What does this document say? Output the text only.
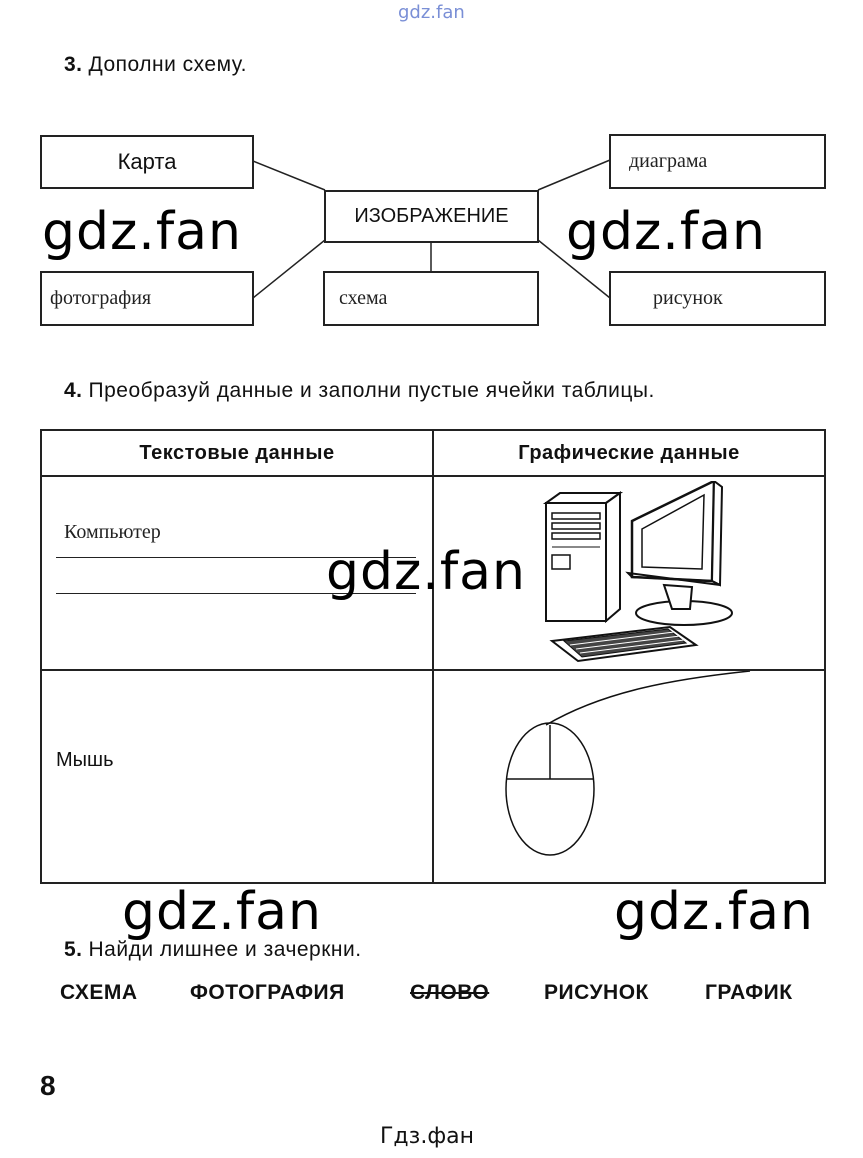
gdz.fan
3. Дополни схему.
Карта
ИЗОБРАЖЕНИЕ
диаграма
фотография	схема	рисунок
gdz.fan	gdz.fan
4. Преобразуй данные и заполни пустые ячейки таблицы.
Текстовые данные	Графические данные

Компьютер

Мышь

gdz.fan
gdz.fan	gdz.fan
5. Найди лишнее и зачеркни.
СХЕМА ФОТОГРАФИЯ	СЛОВО	РИСУНОК	ГРАФИК
8
Гдз.фан
